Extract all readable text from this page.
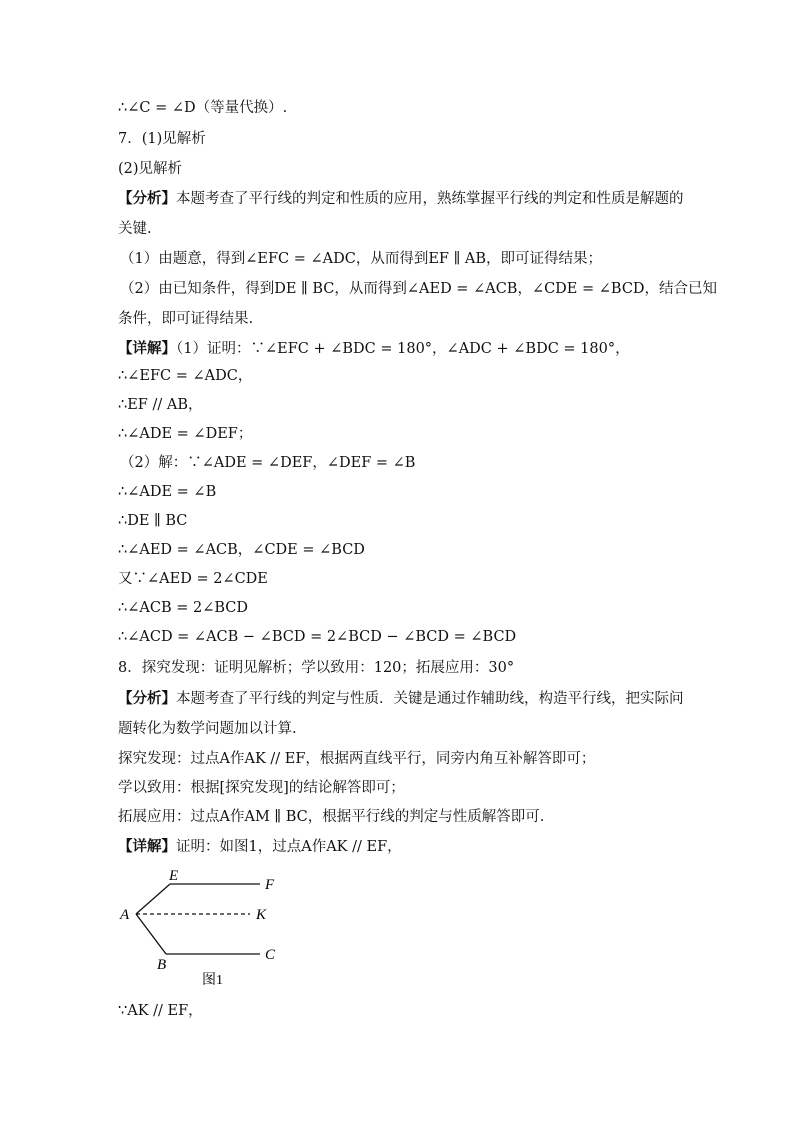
∴∠C = ∠D（等量代换）.
7．(1)见解析
(2)见解析
【分析】本题考查了平行线的判定和性质的应用，熟练掌握平行线的判定和性质是解题的
关键.
（1）由题意，得到∠EFC = ∠ADC，从而得到EF ∥ AB，即可证得结果；
（2）由已知条件，得到DE ∥ BC，从而得到∠AED = ∠ACB，∠CDE = ∠BCD，结合已知
条件，即可证得结果.
【详解】（1）证明：∵∠EFC + ∠BDC = 180°，∠ADC + ∠BDC = 180°，
∴∠EFC = ∠ADC，
∴EF // AB，
∴∠ADE = ∠DEF；
（2）解：∵∠ADE = ∠DEF，∠DEF = ∠B
∴∠ADE = ∠B
∴DE ∥ BC
∴∠AED = ∠ACB，∠CDE = ∠BCD
又∵∠AED = 2∠CDE
∴∠ACB = 2∠BCD
∴∠ACD = ∠ACB − ∠BCD = 2∠BCD − ∠BCD = ∠BCD
8．探究发现：证明见解析；学以致用：120；拓展应用：30°
【分析】本题考查了平行线的判定与性质．关键是通过作辅助线，构造平行线，把实际问
题转化为数学问题加以计算.
探究发现：过点A作AK // EF，根据两直线平行，同旁内角互补解答即可；
学以致用：根据[探究发现]的结论解答即可；
拓展应用：过点A作AM ∥ BC，根据平行线的判定与性质解答即可.
【详解】证明：如图1，过点A作AK // EF，
E
F
A	K
B
C
图1
∵AK // EF，
